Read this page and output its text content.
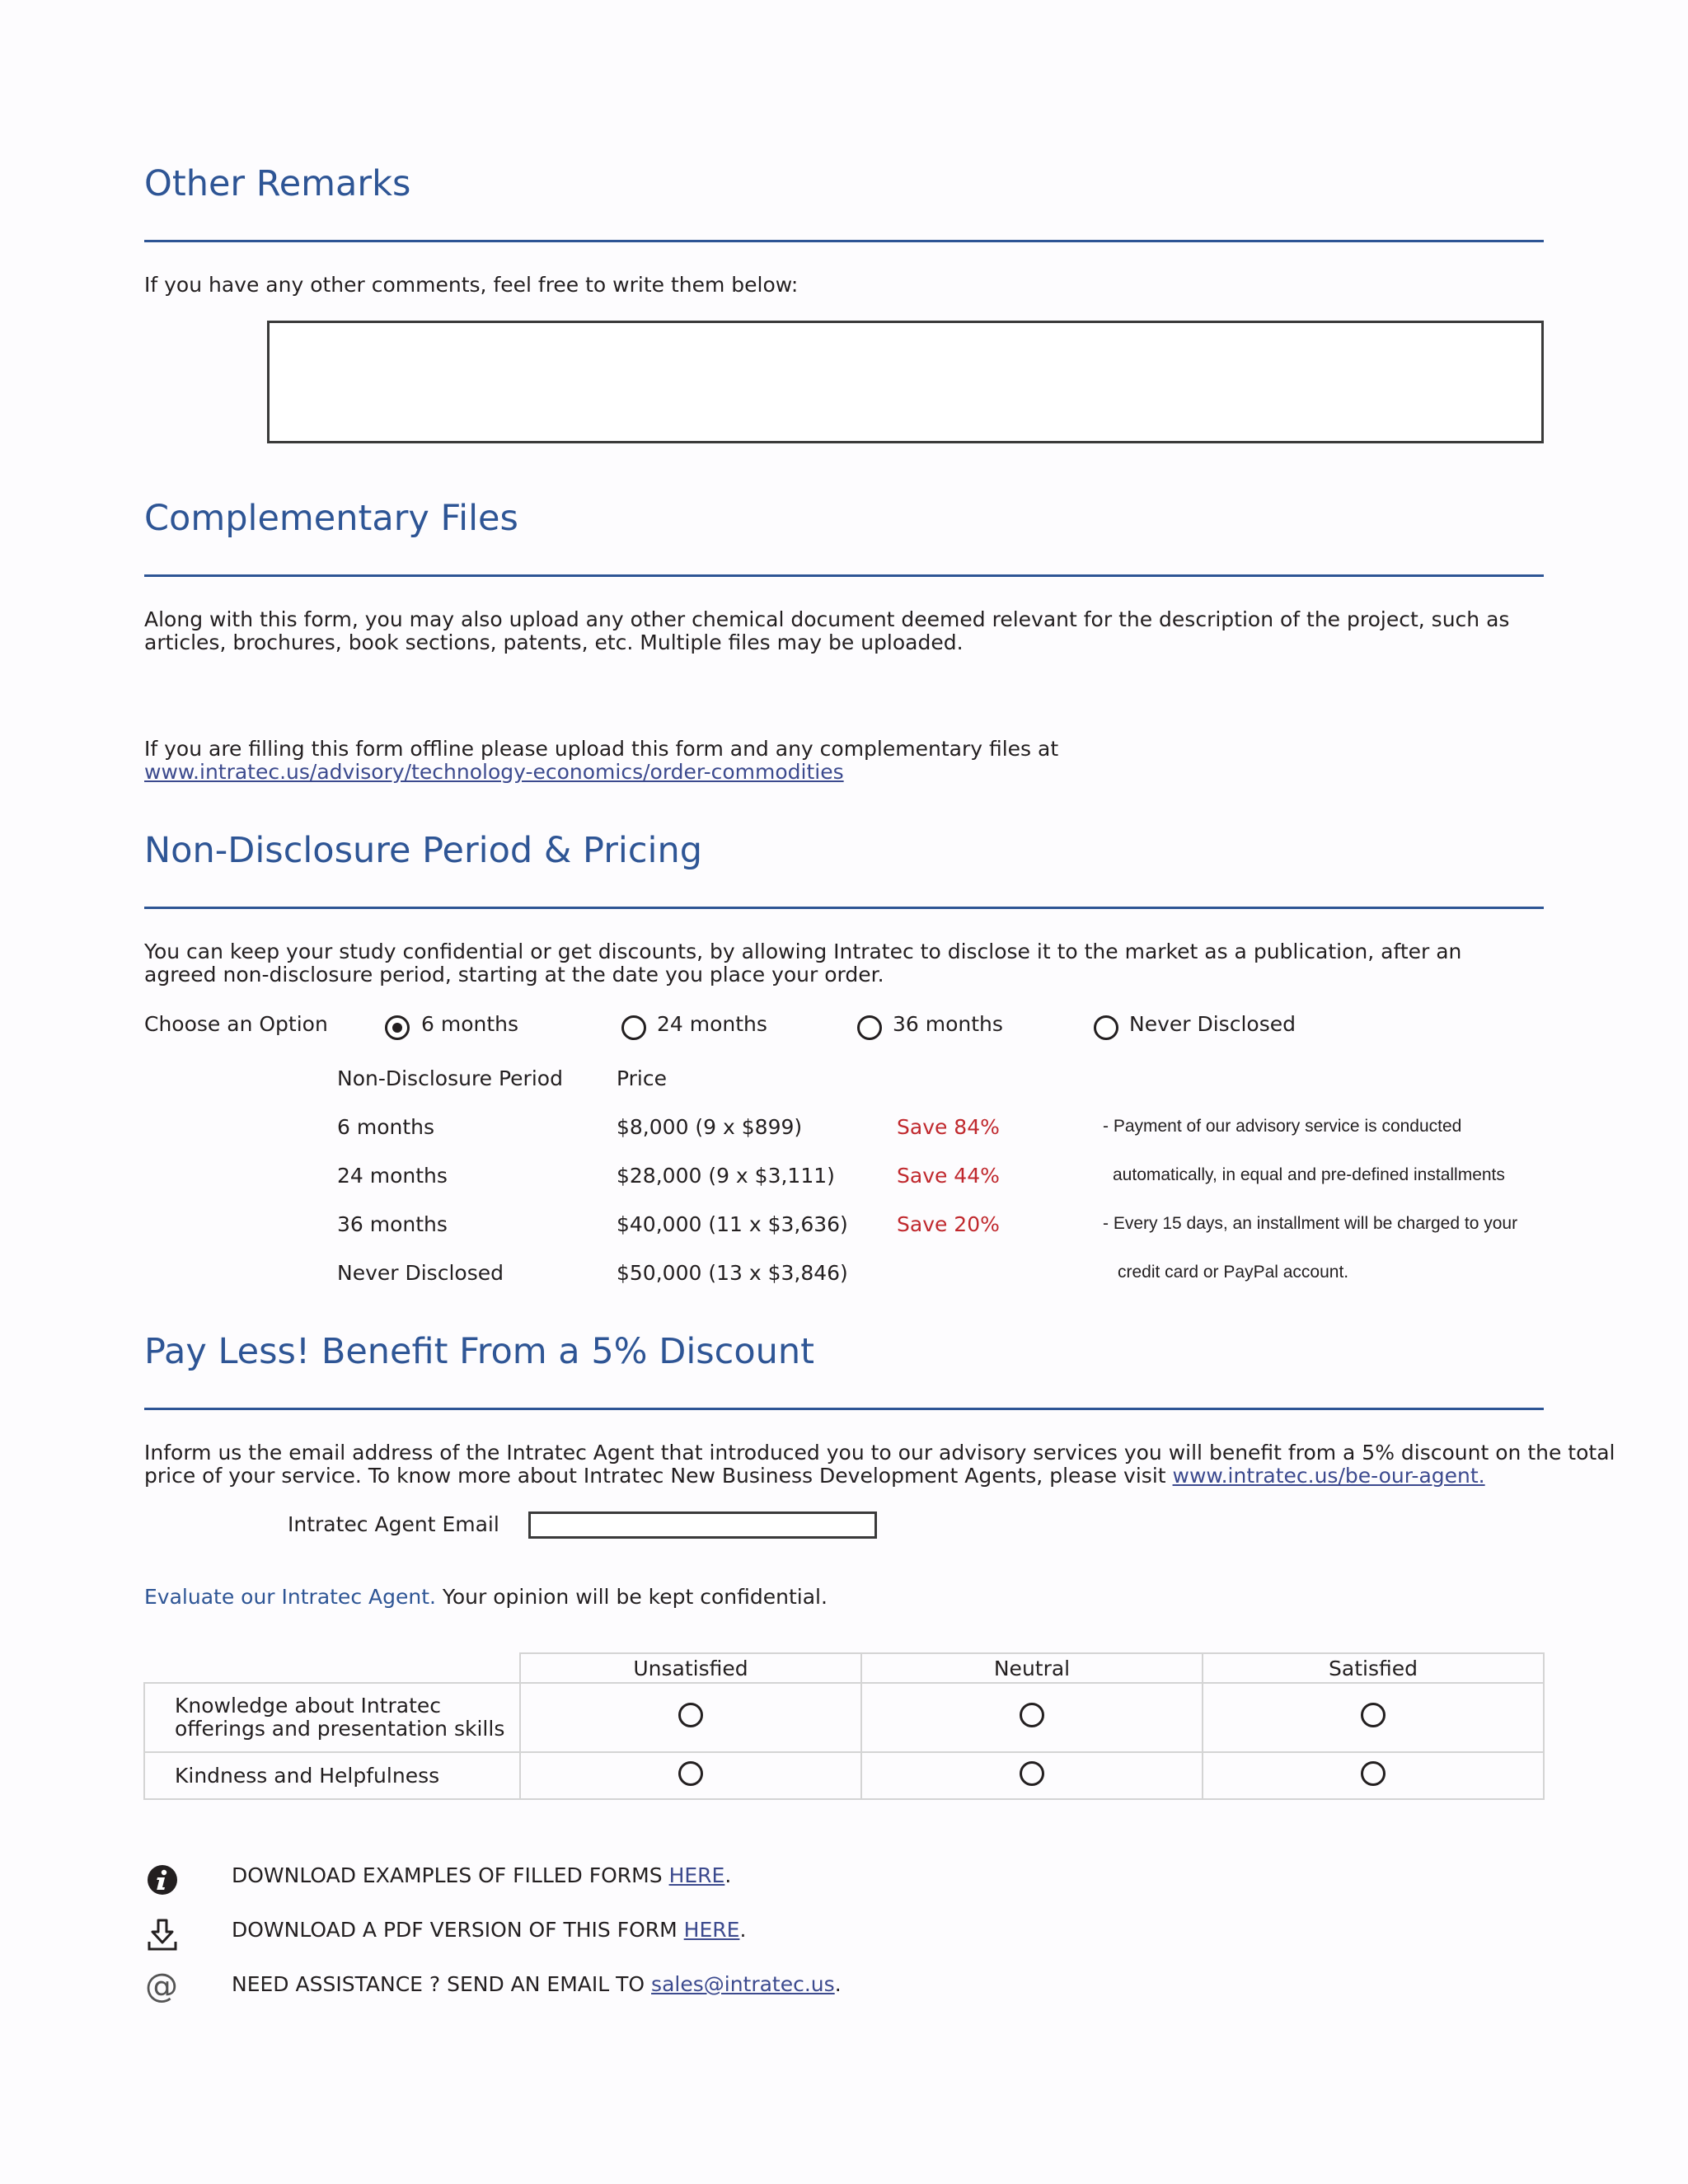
Other Remarks
If you have any other comments, feel free to write them below:
Complementary Files
Along with this form, you may also upload any other chemical document deemed relevant for the description of the project, such as
articles, brochures, book sections, patents, etc. Multiple files may be uploaded.
If you are filling this form offline please upload this form and any complementary files at
www.intratec.us/advisory/technology-economics/order-commodities
Non-Disclosure Period & Pricing
You can keep your study confidential or get discounts, by allowing Intratec to disclose it to the market as a publication, after an
agreed non-disclosure period, starting at the date you place your order.
Choose an Option	6 months	24 months	36 months	Never Disclosed
Non-Disclosure Period	Price
6 months	$8,000 (9 x $899)	Save 84%
24 months	$28,000 (9 x $3,111)	Save 44%
36 months	$40,000 (11 x $3,636) Save 20%
Never Disclosed	$50,000 (13 x $3,846)
- Payment of our advisory service is conducted
automatically, in equal and pre-defined installments
- Every 15 days, an installment will be charged to your
credit card or PayPal account.
Pay Less! Benefit From a 5% Discount
Inform us the email address of the Intratec Agent that introduced you to our advisory services you will benefit from a 5% discount on the total
price of your service. To know more about Intratec New Business Development Agents, please visit www.intratec.us/be-our-agent.
Intratec Agent Email
Evaluate our Intratec Agent. Your opinion will be kept confidential.
	Unsatisfied	Neutral	Satisfied

Knowledge about Intratec
offerings and presentation skills			

Kindness and Helpfulness			
DOWNLOAD EXAMPLES OF FILLED FORMS HERE.
DOWNLOAD A PDF VERSION OF THIS FORM HERE.
@	NEED ASSISTANCE ? SEND AN EMAIL TO sales@intratec.us.
